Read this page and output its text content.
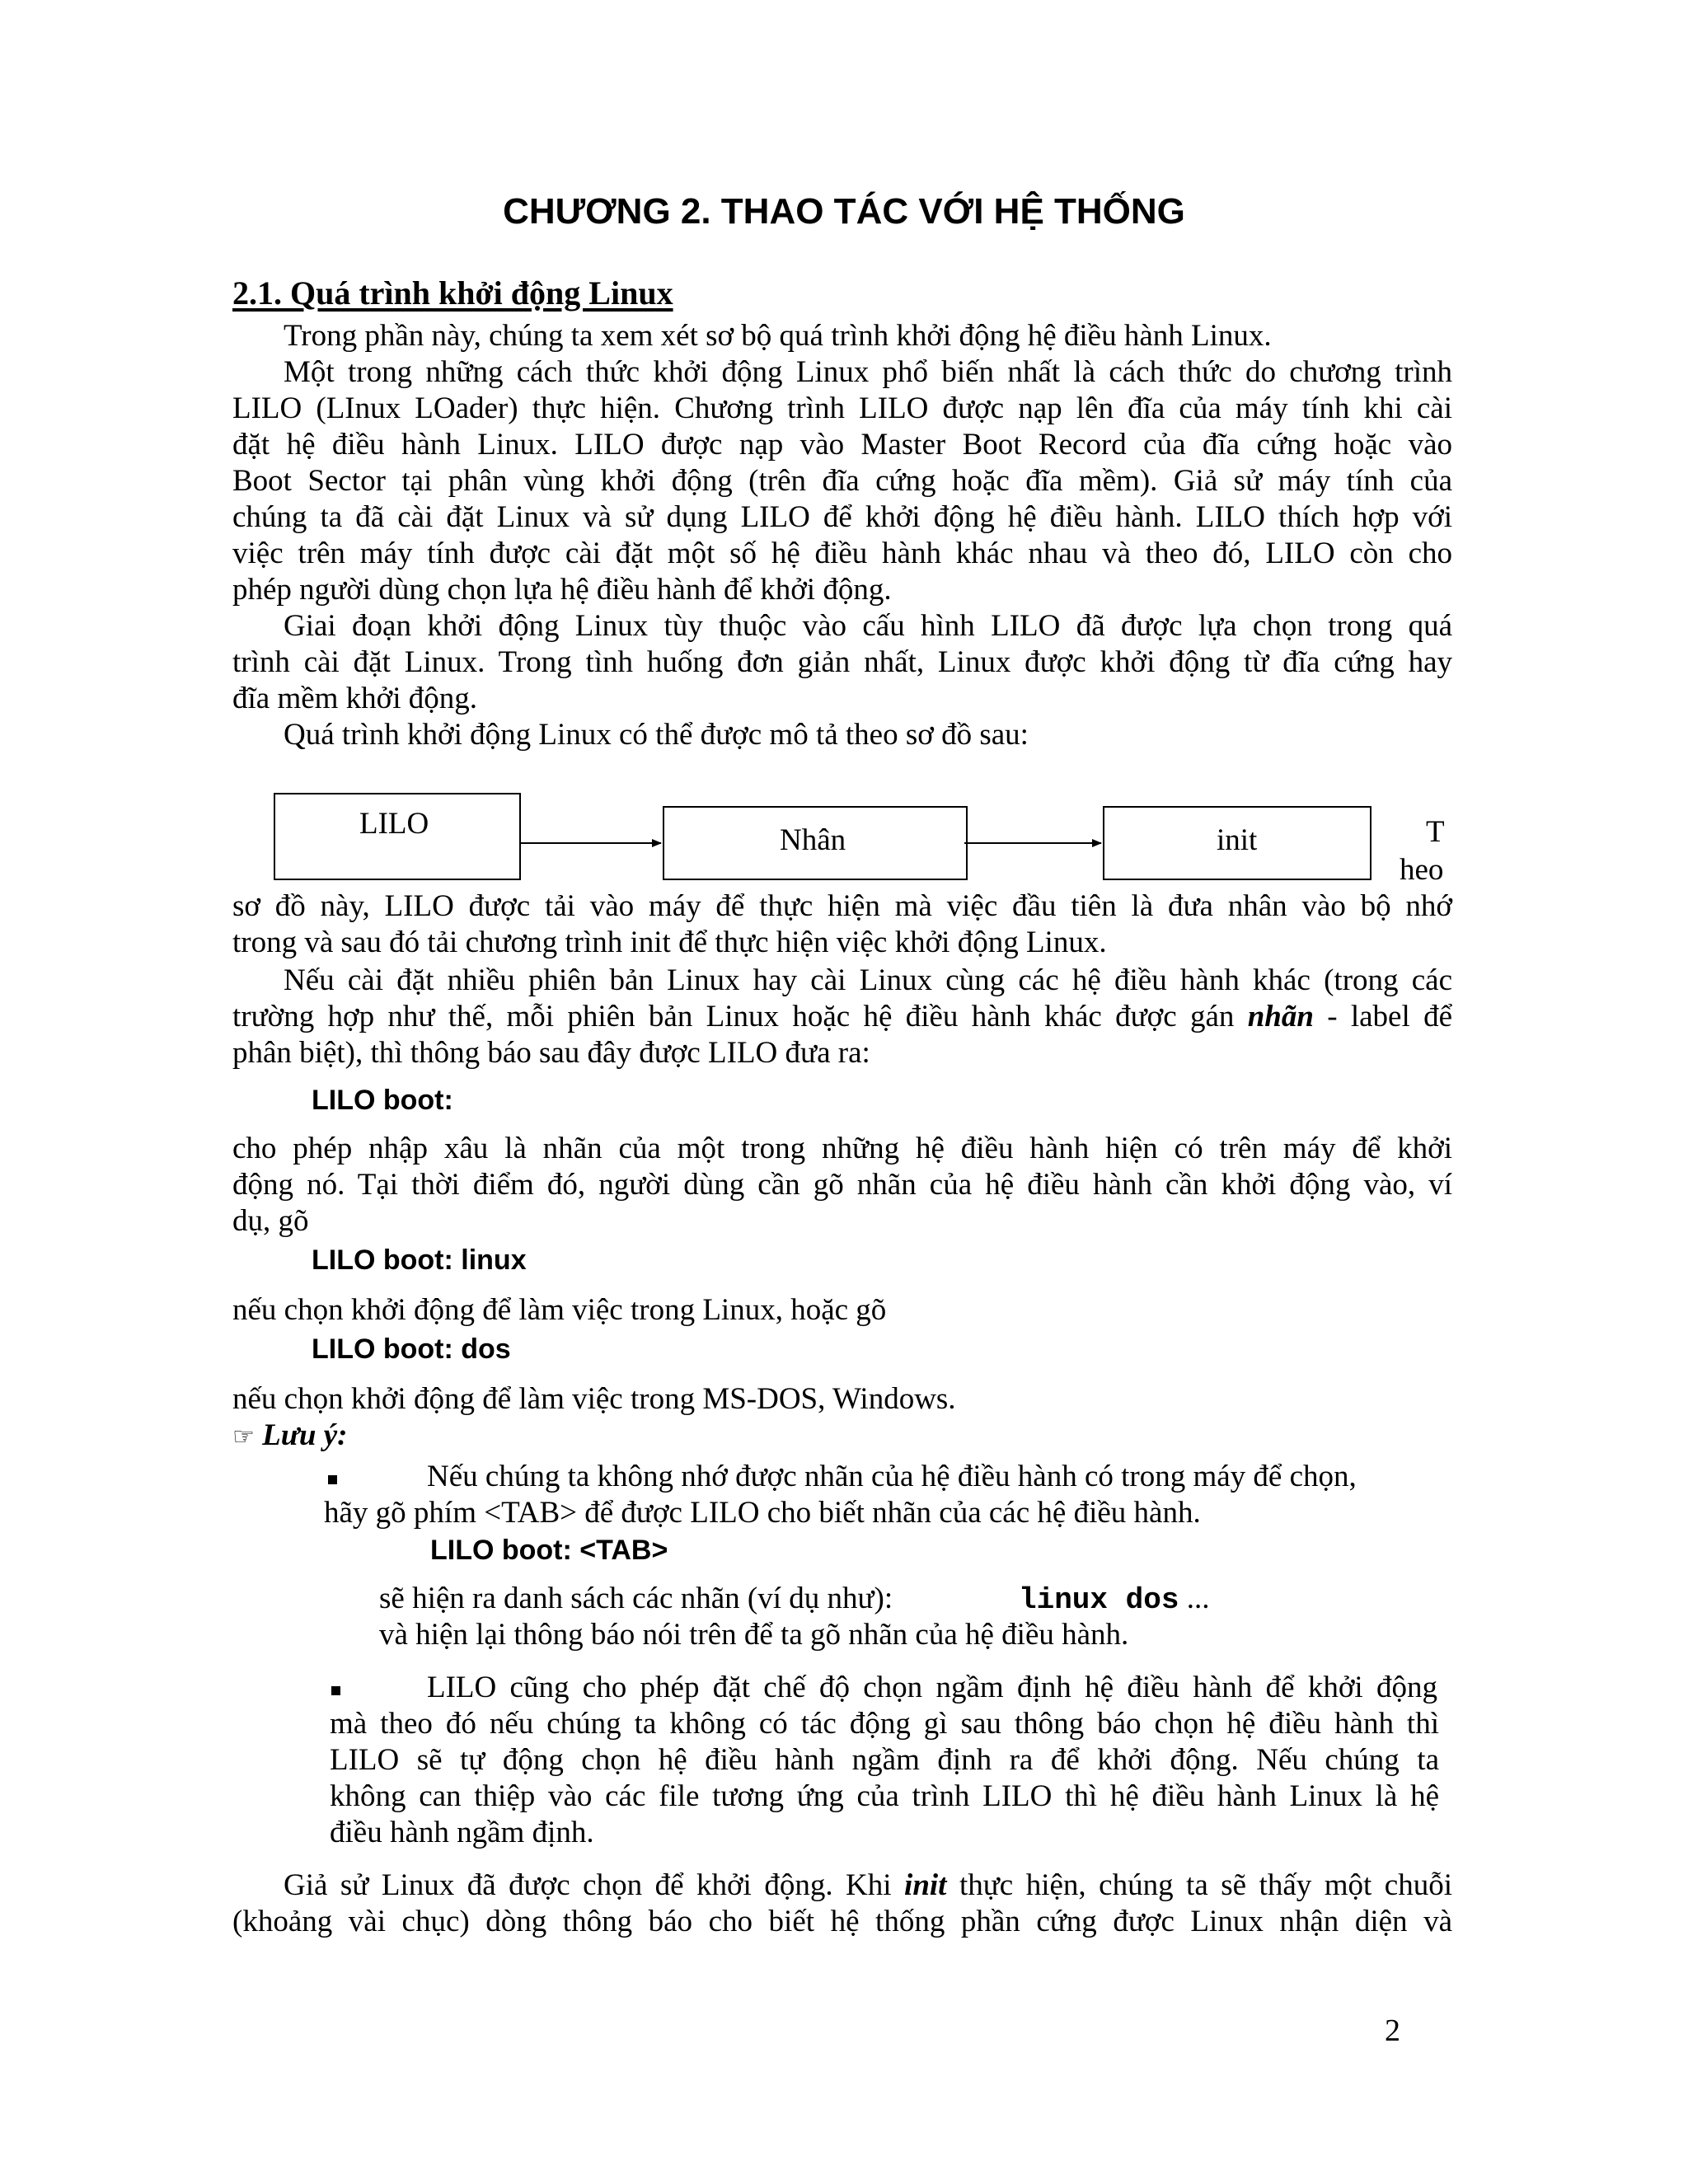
CHƯƠNG 2. THAO TÁC VỚI HỆ THỐNG
2.1. Quá trình khởi động Linux
Trong phần này, chúng ta xem xét sơ bộ quá trình khởi động hệ điều hành Linux.
Một trong những cách thức khởi động Linux phổ biến nhất là cách thức do chương trình
LILO (LInux LOader) thực hiện. Chương trình LILO được nạp lên đĩa của máy tính khi cài
đặt hệ điều hành Linux. LILO được nạp vào Master Boot Record của đĩa cứng hoặc vào
Boot Sector tại phân vùng khởi động (trên đĩa cứng hoặc đĩa mềm). Giả sử máy tính của
chúng ta đã cài đặt Linux và sử dụng LILO để khởi động hệ điều hành. LILO thích hợp với
việc trên máy tính được cài đặt một số hệ điều hành khác nhau và theo đó, LILO còn cho
phép người dùng chọn lựa hệ điều hành để khởi động.
Giai đoạn khởi động Linux tùy thuộc vào cấu hình LILO đã được lựa chọn trong quá
trình cài đặt Linux. Trong tình huống đơn giản nhất, Linux được khởi động từ đĩa cứng hay
đĩa mềm khởi động.
Quá trình khởi động Linux có thể được mô tả theo sơ đồ sau:
LILO	Nhân	init	T
heo
sơ đồ này, LILO được tải vào máy để thực hiện mà việc đầu tiên là đưa nhân vào bộ nhớ
trong và sau đó tải chương trình init để thực hiện việc khởi động Linux.
Nếu cài đặt nhiều phiên bản Linux hay cài Linux cùng các hệ điều hành khác (trong các
trường hợp như thế, mỗi phiên bản Linux hoặc hệ điều hành khác được gán nhãn - label để
phân biệt), thì thông báo sau đây được LILO đưa ra:
LILO boot:
cho phép nhập xâu là nhãn của một trong những hệ điều hành hiện có trên máy để khởi
động nó. Tại thời điểm đó, người dùng cần gõ nhãn của hệ điều hành cần khởi động vào, ví
dụ, gõ
LILO boot: linux
nếu chọn khởi động để làm việc trong Linux, hoặc gõ
LILO boot: dos
nếu chọn khởi động để làm việc trong MS-DOS, Windows.
☞ Lưu ý:
Nếu chúng ta không nhớ được nhãn của hệ điều hành có trong máy để chọn,
hãy gõ phím <TAB> để được LILO cho biết nhãn của các hệ điều hành.
LILO boot: <TAB>
sẽ hiện ra danh sách các nhãn (ví dụ như):	linux dos ...
và hiện lại thông báo nói trên để ta gõ nhãn của hệ điều hành.
LILO cũng cho phép đặt chế độ chọn ngầm định hệ điều hành để khởi động
mà theo đó nếu chúng ta không có tác động gì sau thông báo chọn hệ điều hành thì
LILO sẽ tự động chọn hệ điều hành ngầm định ra để khởi động. Nếu chúng ta
không can thiệp vào các file tương ứng của trình LILO thì hệ điều hành Linux là hệ
điều hành ngầm định.
Giả sử Linux đã được chọn để khởi động. Khi init thực hiện, chúng ta sẽ thấy một chuỗi
(khoảng vài chục) dòng thông báo cho biết hệ thống phần cứng được Linux nhận diện và
2
